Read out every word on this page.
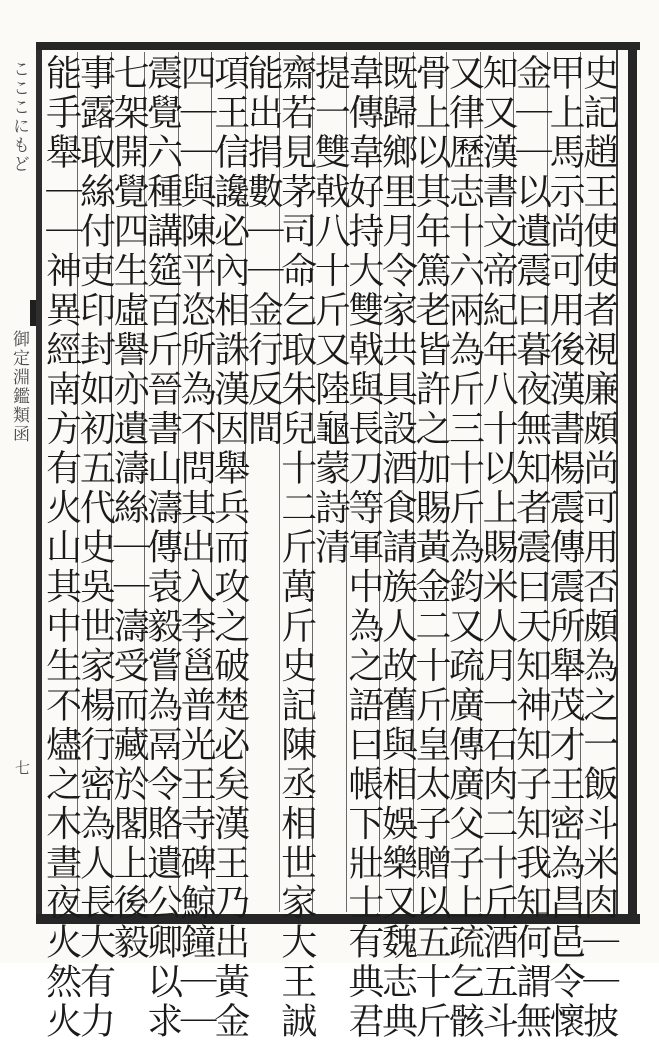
こここにもど
御定淵鑑類函
七	史記趙王使使者視廉頗尚可用否頗為之一飯斗米肉｜｜披
甲上馬示尚可用後漢書楊震傳震所舉茂才王密為昌邑令懷
金｜｜以遺震曰暮夜無知者震曰天知神知子知我知何謂無
知又漢書文帝紀年八十以上賜米人月一石肉二十斤酒五斗
又律歷志十六兩為斤三十斤為鈞又疏廣傳廣父子上疏乞骸
骨上以其年篤老皆許之加賜黃金二十斤皇太子贈以五十斤
既歸鄉里月令家共具設酒食請族人故舊與相娛樂又魏志典
韋傳韋好持大雙戟與長刀等軍中為之語曰帳下壯士有典君
提一雙戟八十斤又陸龜蒙詩清
齋若見茅司命乞取朱兒十二斤萬斤史記陳丞相世家大王誠
能出捐數｜｜金行反間
項王信讒必內相誅漢因舉兵而攻之破楚必矣漢王乃出黃金
四｜｜與陳平恣所為不問其出入李邕普光王寺碑鯨鐘｜｜
震覺六種講筵百斤晉書山濤傳袁毅嘗為鬲令賂遺公卿以求
七架開覺四生虛譽亦遺濤絲｜｜濤受而藏於閣上後毅
事露取絲付吏印封如初五代史吳世家楊行密為人長大有力
能手舉｜｜神異經南方有火山其中生不燼之木晝夜火然火
